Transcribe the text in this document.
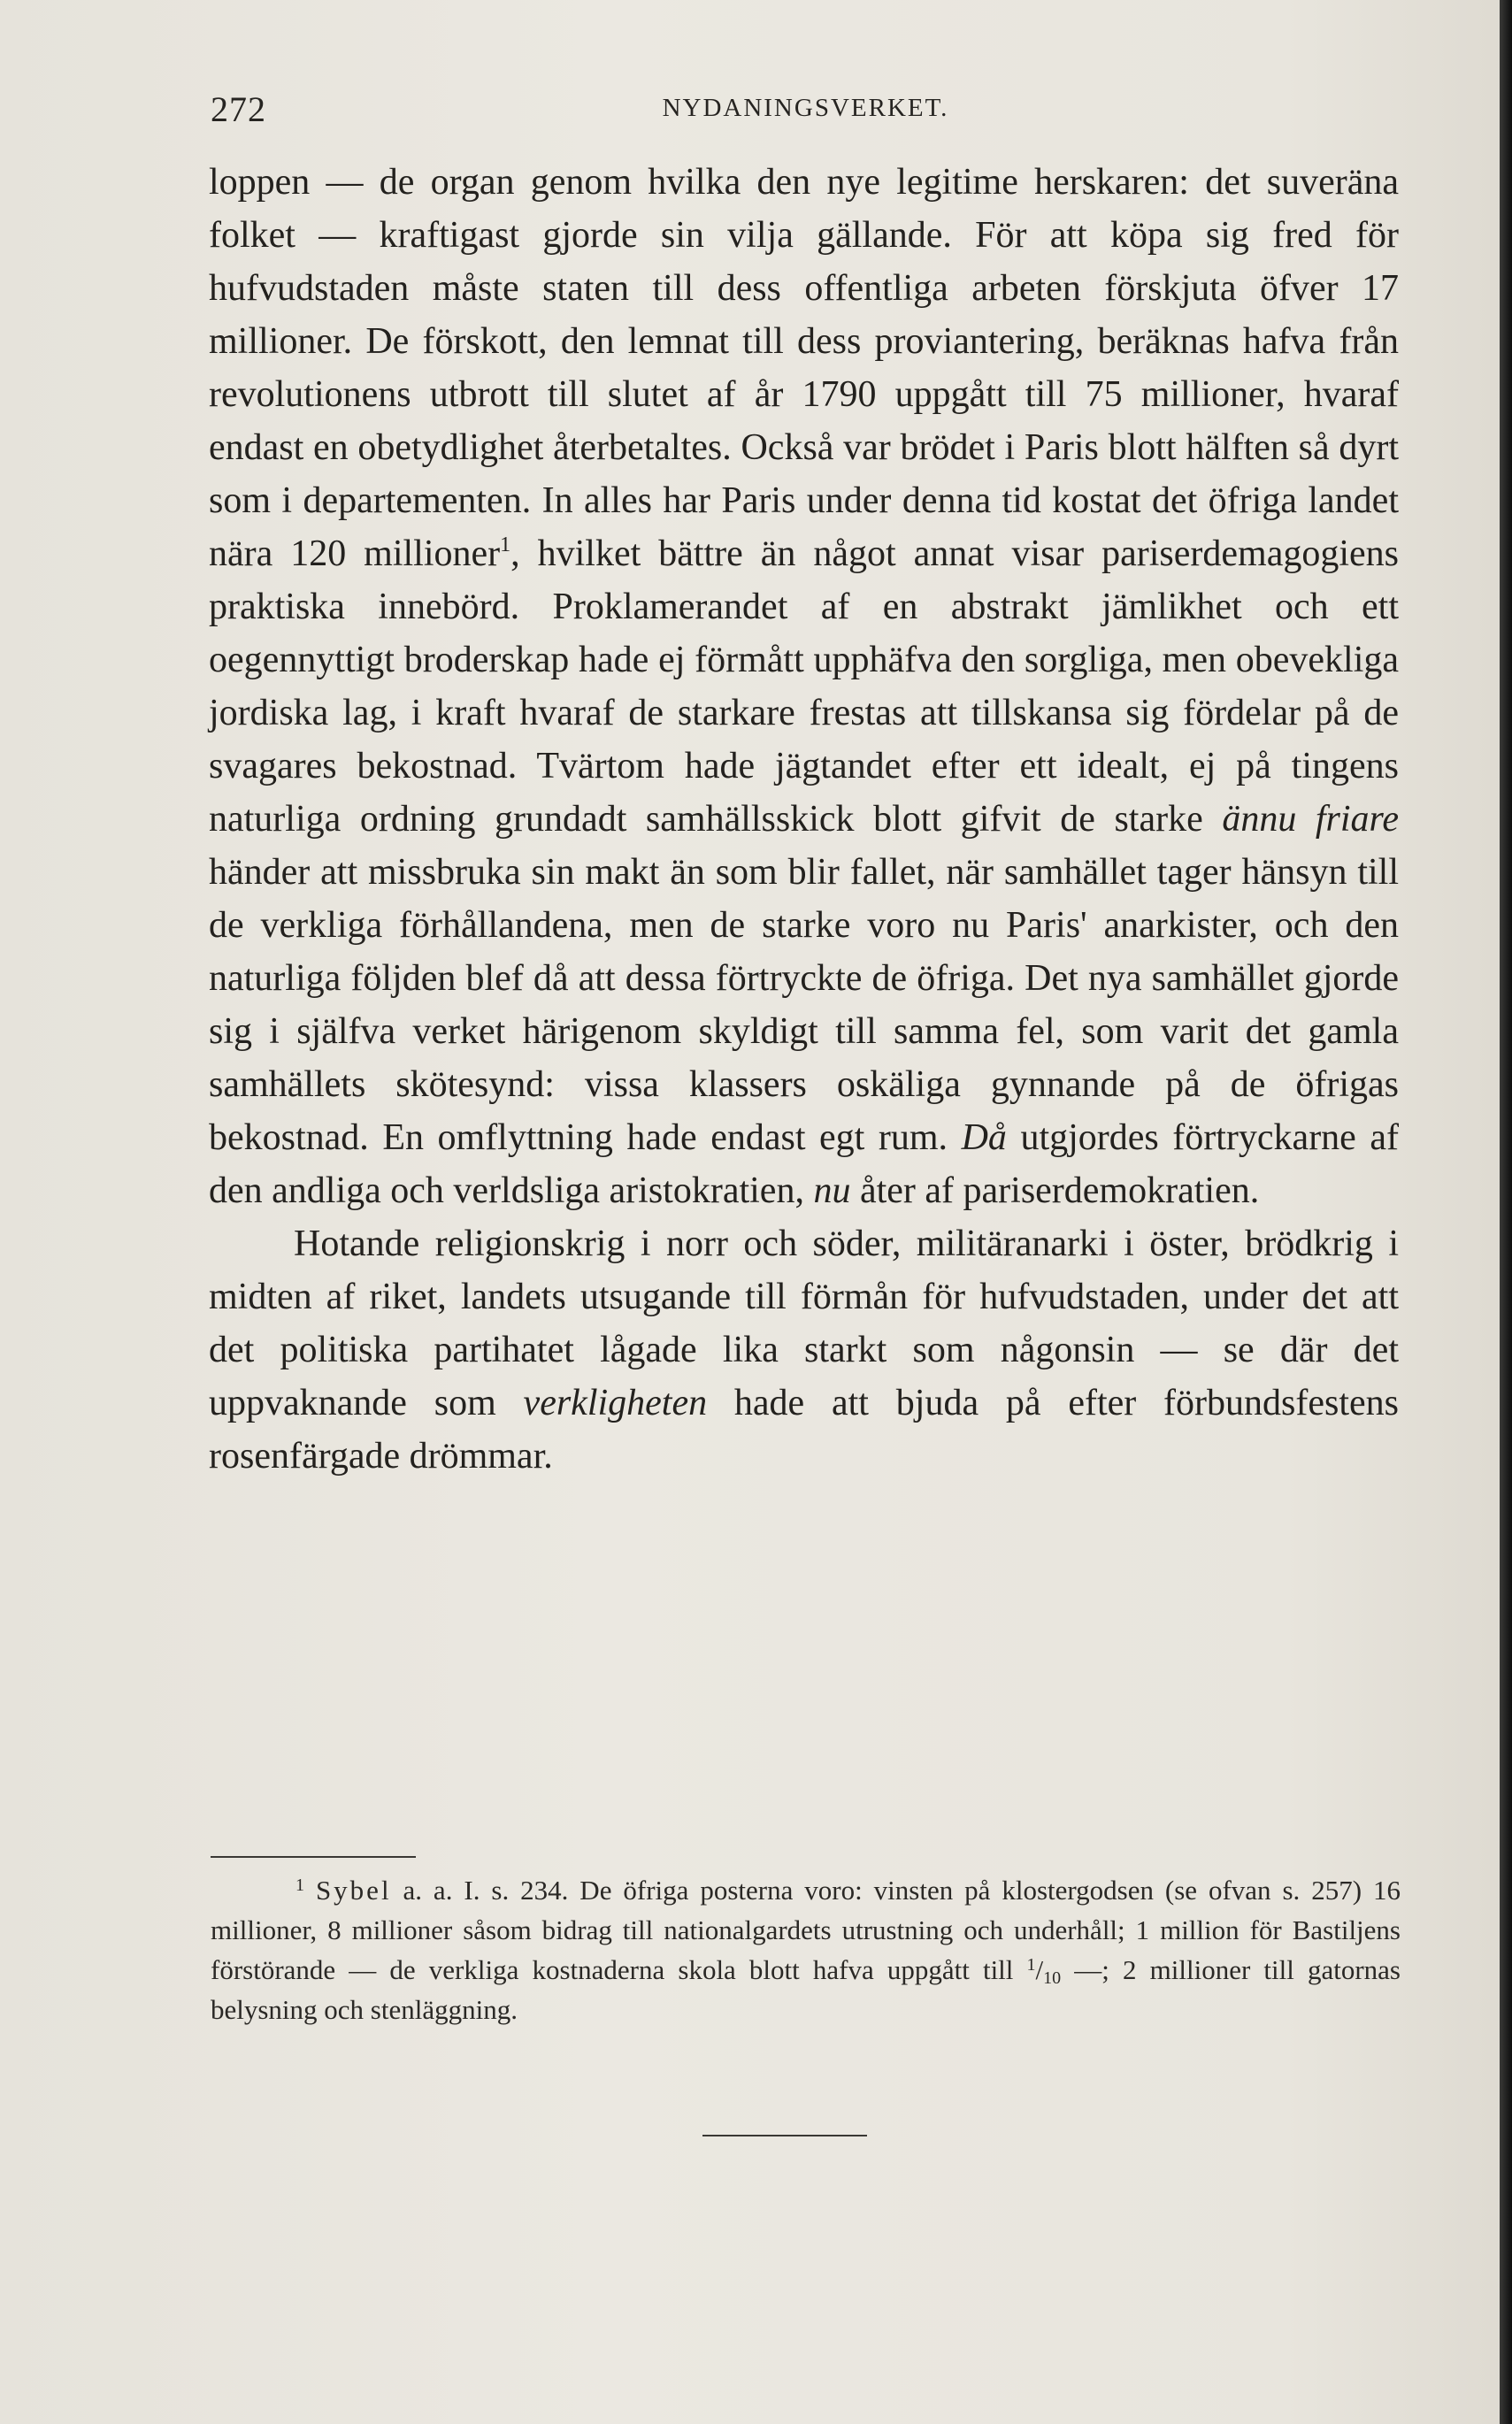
272	NYDANINGSVERKET.

loppen — de organ genom hvilka den nye legitime herskaren: det suveräna folket — kraftigast gjorde sin vilja gällande. För att köpa sig fred för hufvudstaden måste staten till dess offentliga arbeten förskjuta öfver 17 millioner. De förskott, den lemnat till dess proviantering, beräknas hafva från revolutionens utbrott till slutet af år 1790 uppgått till 75 millioner, hvaraf endast en obetydlighet återbetaltes. Också var brödet i Paris blott hälften så dyrt som i departementen. In alles har Paris under denna tid kostat det öfriga landet nära 120 millioner$^1$, hvilket bättre än något annat visar pariserdemagogiens praktiska innebörd. Proklamerandet af en abstrakt jämlikhet och ett oegennyttigt broderskap hade ej förmått upphäfva den sorgliga, men obevekliga jordiska lag, i kraft hvaraf de starkare frestas att tillskansa sig fördelar på de svagares bekostnad. Tvärtom hade jägtandet efter ett idealt, ej på tingens naturliga ordning grundadt samhällsskick blott gifvit de starke ännu friare händer att missbruka sin makt än som blir fallet, när samhället tager hänsyn till de verkliga förhållandena, men de starke voro nu Paris' anarkister, och den naturliga följden blef då att dessa förtryckte de öfriga. Det nya samhället gjorde sig i själfva verket härigenom skyldigt till samma fel, som varit det gamla samhällets skötesynd: vissa klassers oskäliga gynnande på de öfrigas bekostnad. En omflyttning hade endast egt rum. Då utgjordes förtryckarne af den andliga och verldsliga aristokratien, nu åter af pariserdemokratien.

Hotande religionskrig i norr och söder, militäranarki i öster, brödkrig i midten af riket, landets utsugande till förmån för hufvudstaden, under det att det politiska partihatet lågade lika starkt som någonsin — se där det uppvaknande som verkligheten hade att bjuda på efter förbundsfestens rosenfärgade drömmar.

$^1$ Sybel a. a. I. s. 234. De öfriga posterna voro: vinsten på klostergodsen (se ofvan s. 257) 16 millioner, 8 millioner såsom bidrag till nationalgardets utrustning och underhåll; 1 million för Bastiljens förstörande — de verkliga kostnaderna skola blott hafva uppgått till $^1$/10 —; 2 millioner till gatornas belysning och stenläggning.
